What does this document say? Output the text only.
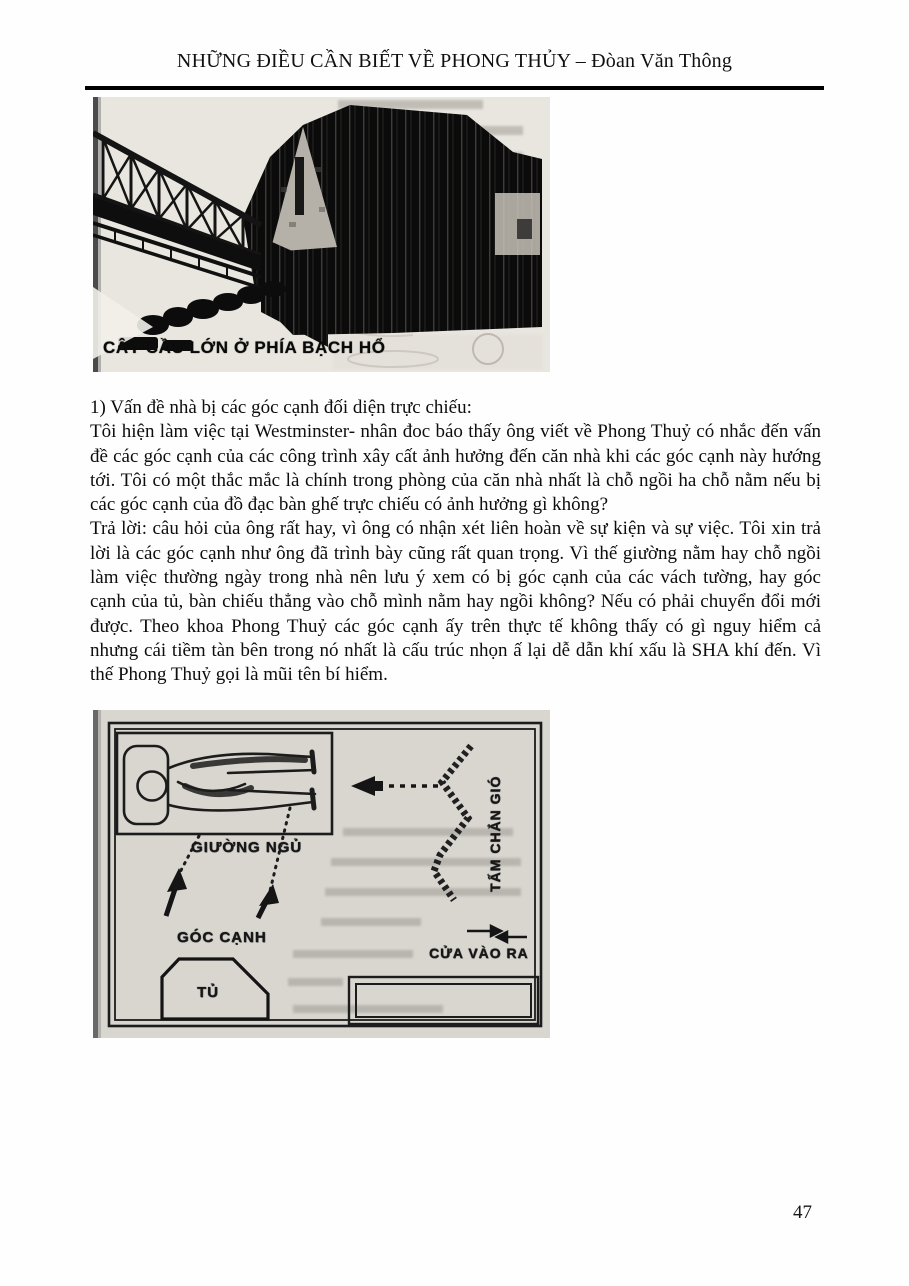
NHỮNG ĐIỀU CẦN BIẾT VỀ PHONG THỦY – Đòan Văn Thông
CÂY CẦU LỚN Ở PHÍA BẠCH HỔ

1) Vấn đề nhà bị các góc cạnh đối diện trực chiếu:

Tôi hiện làm việc tại Westminster- nhân đoc báo thấy ông viết về Phong Thuỷ có nhắc đến vấn đề các góc cạnh của các công trình xây cất ảnh hưởng đến căn nhà khi các góc cạnh này hướng tới. Tôi có một thắc mắc là chính trong phòng của căn nhà nhất là chỗ ngồi ha chỗ nằm nếu bị các góc cạnh của đồ đạc bàn ghế trực chiếu có ảnh hưởng gì không?

Trả lời: câu hỏi của ông rất hay, vì ông có nhận xét liên hoàn về sự kiện và sự việc. Tôi xin trả lời là các góc cạnh như ông đã trình bày cũng rất quan trọng. Vì thế giường nằm hay chỗ ngồi làm việc thường ngày trong nhà nên lưu ý xem có bị góc cạnh của các vách tường, hay góc cạnh của tủ, bàn chiếu thẳng vào chỗ mình nằm hay ngồi không? Nếu có phải chuyển đổi mới được. Theo khoa Phong Thuỷ các góc cạnh ấy trên thực tế không thấy có gì nguy hiểm cả nhưng cái tiềm tàn bên trong nó nhất là cấu trúc nhọn ấ lại dễ dẫn khí xấu là SHA khí đến. Vì thế Phong Thuỷ gọi là mũi tên bí hiểm.

GIƯỜNG NGỦ
GÓC CẠNH
TỦ
TẤM CHẮN GIÓ
CỬA VÀO RA
47
